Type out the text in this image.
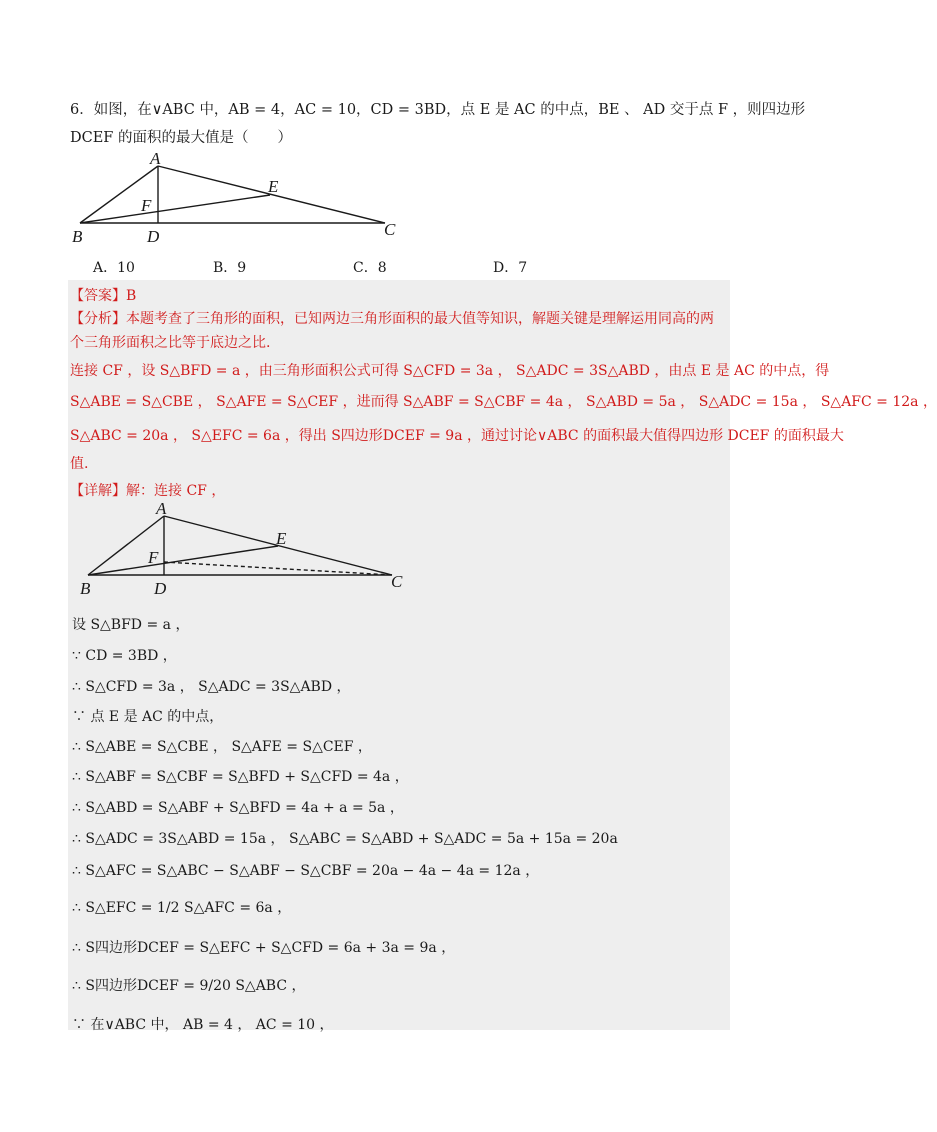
6．如图，在∨ABC 中，AB = 4，AC = 10，CD = 3BD，点 E 是 AC 的中点，BE 、 AD 交于点 F ，则四边形
DCEF 的面积的最大值是（　　）
A
B	C
D
E
F
A．10	B．9	C．8	D．7
【答案】B
【分析】本题考查了三角形的面积，已知两边三角形面积的最大值等知识，解题关键是理解运用同高的两
个三角形面积之比等于底边之比.
连接 CF ，设 S△BFD = a ，由三角形面积公式可得 S△CFD = 3a ， S△ADC = 3S△ABD ，由点 E 是 AC 的中点，得
S△ABE = S△CBE ， S△AFE = S△CEF ，进而得 S△ABF = S△CBF = 4a ， S△ABD = 5a ， S△ADC = 15a ， S△AFC = 12a ，
S△ABC = 20a ， S△EFC = 6a ，得出 S四边形DCEF = 9a ，通过讨论∨ABC 的面积最大值得四边形 DCEF 的面积最大
值.
【详解】解：连接 CF ，
A
B	C
D
E
F
设 S△BFD = a ，
∵ CD = 3BD ，
∴ S△CFD = 3a ， S△ADC = 3S△ABD ，
∵ 点 E 是 AC 的中点，
∴ S△ABE = S△CBE ， S△AFE = S△CEF ，
∴ S△ABF = S△CBF = S△BFD + S△CFD = 4a ，
∴ S△ABD = S△ABF + S△BFD = 4a + a = 5a ，
∴ S△ADC = 3S△ABD = 15a ， S△ABC = S△ABD + S△ADC = 5a + 15a = 20a
∴ S△AFC = S△ABC − S△ABF − S△CBF = 20a − 4a − 4a = 12a ，
∴ S△EFC = 1/2 S△AFC = 6a ，
∴ S四边形DCEF = S△EFC + S△CFD = 6a + 3a = 9a ，
∴ S四边形DCEF = 9/20 S△ABC ，
∵ 在∨ABC 中， AB = 4 ， AC = 10 ，
